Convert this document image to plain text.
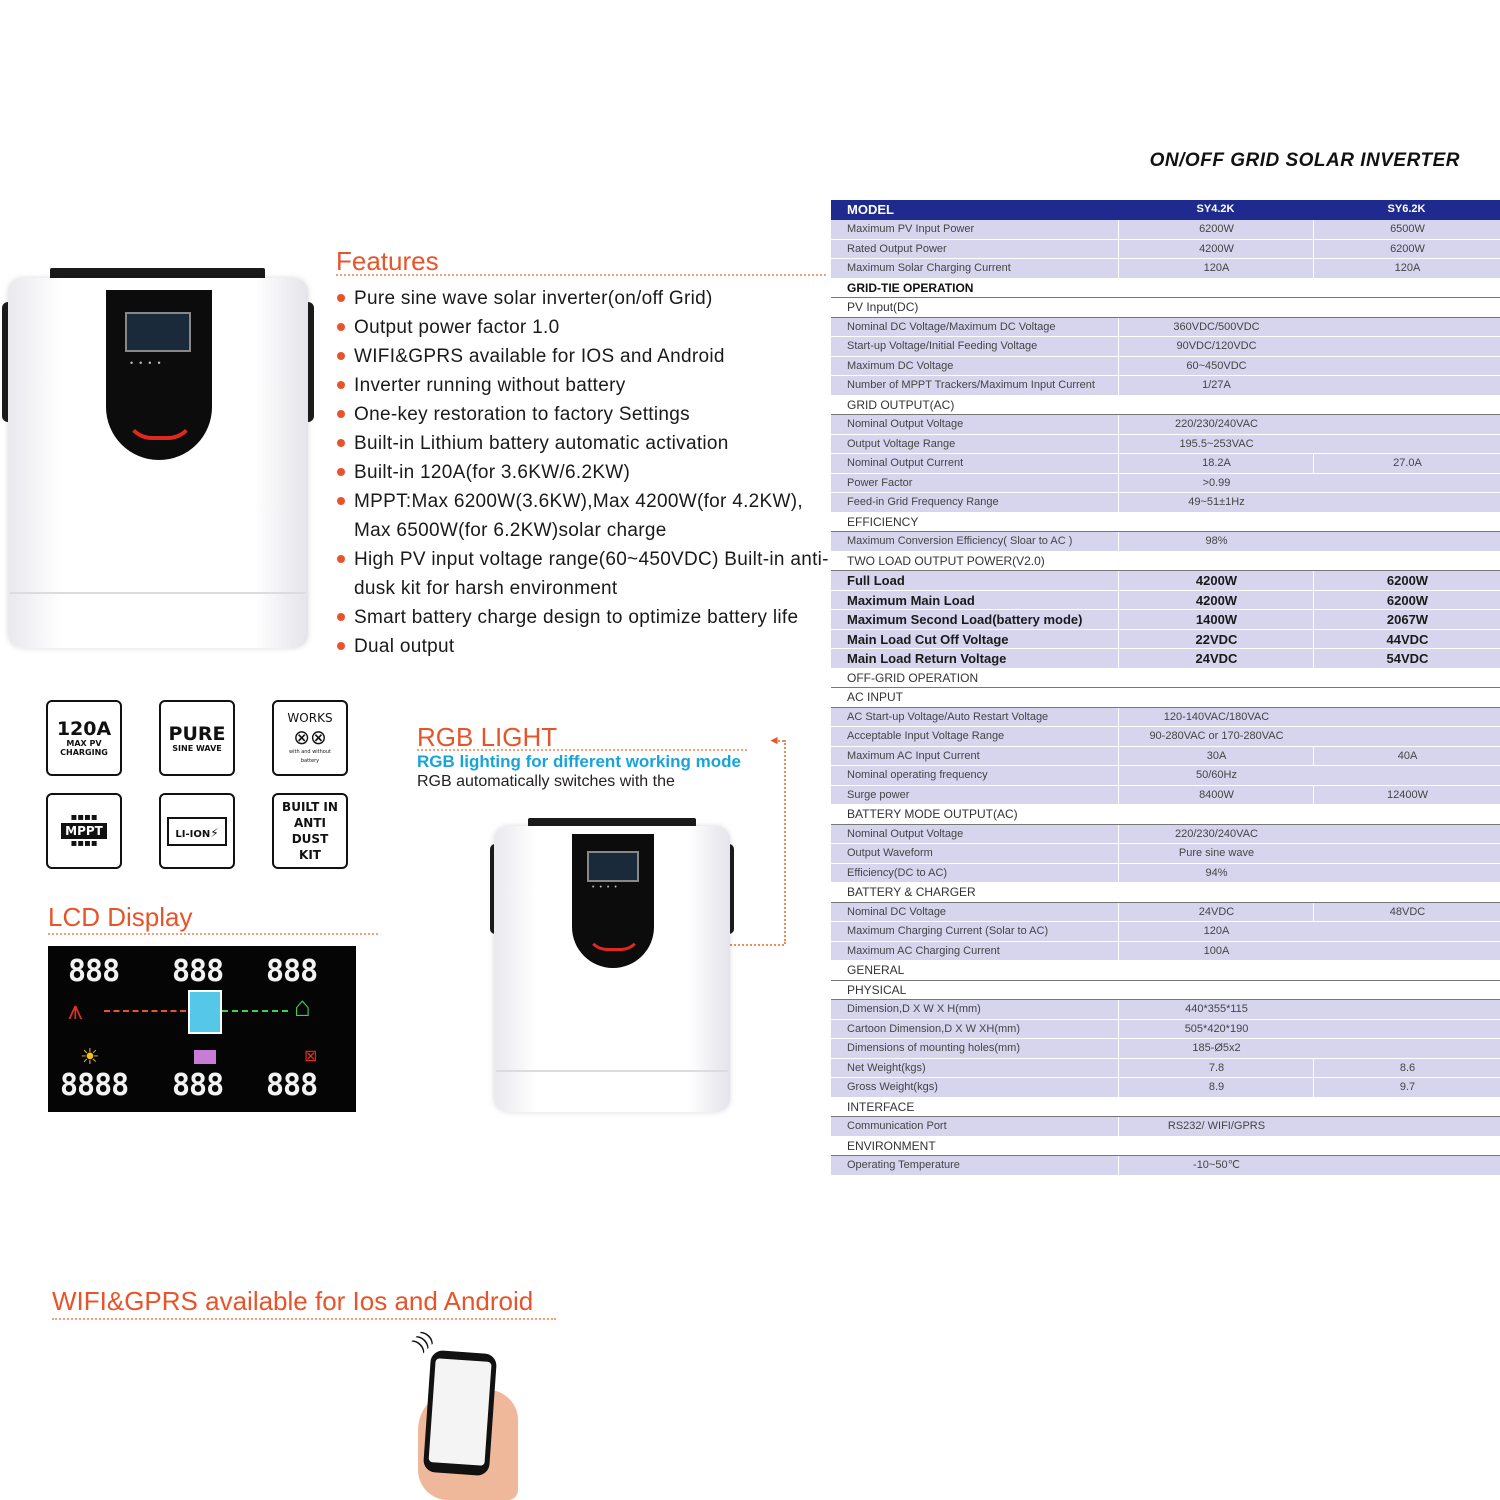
ON/OFF GRID SOLAR INVERTER
••••
Features
Pure sine wave solar inverter(on/off Grid)
Output power factor 1.0
WIFI&GPRS available for IOS and Android
Inverter running without battery
One-key restoration to factory Settings
Built-in Lithium battery automatic activation
Built-in 120A(for 3.6KW/6.2KW)
MPPT:Max 6200W(3.6KW),Max 4200W(for 4.2KW), Max 6500W(for 6.2KW)solar charge
High PV input voltage range(60~450VDC) Built-in anti-dusk kit for harsh environment
Smart battery charge design to optimize battery life
Dual output
120A
MAX PV CHARGING
PURE
SINE WAVE
WORKS
⊗⊗
with and without battery
▪▪▪▪
MPPT
▪▪▪▪
LI-ION⚡
BUILT IN ANTI DUST KIT
LCD Display
888 888 888
⩚	⌂
☀	⊠
8888 888 888
RGB LIGHT
RGB lighting for different working mode
RGB automatically switches with the
◄
••••
WIFI&GPRS available for Ios and Android
)))
MODEL	SY4.2K	SY6.2K
Maximum PV Input Power	6200W	6500W
Rated Output Power	4200W	6200W
Maximum Solar Charging Current	120A	120A
GRID-TIE OPERATION
PV Input(DC)
Nominal DC Voltage/Maximum DC Voltage	360VDC/500VDC
Start-up Voltage/Initial Feeding Voltage	90VDC/120VDC
Maximum DC Voltage	60~450VDC
Number of MPPT Trackers/Maximum Input Current	1/27A
GRID OUTPUT(AC)
Nominal Output Voltage	220/230/240VAC
Output Voltage Range	195.5~253VAC
Nominal Output Current	18.2A	27.0A
Power Factor	>0.99
Feed-in Grid Frequency Range	49~51±1Hz
EFFICIENCY
Maximum Conversion Efficiency( Sloar to AC )	98%
TWO LOAD OUTPUT POWER(V2.0)
Full Load	4200W	6200W
Maximum Main Load	4200W	6200W
Maximum Second Load(battery mode)	1400W	2067W
Main Load Cut Off Voltage	22VDC	44VDC
Main Load Return Voltage	24VDC	54VDC
OFF-GRID OPERATION
AC INPUT
AC Start-up Voltage/Auto Restart Voltage	120-140VAC/180VAC
Acceptable Input Voltage Range	90-280VAC or 170-280VAC
Maximum AC Input Current	30A	40A
Nominal operating frequency	50/60Hz
Surge power	8400W	12400W
BATTERY MODE OUTPUT(AC)
Nominal Output Voltage	220/230/240VAC
Output Waveform	Pure sine wave
Efficiency(DC to AC)	94%
BATTERY & CHARGER
Nominal DC Voltage	24VDC	48VDC
Maximum Charging Current (Solar to AC)	120A
Maximum AC Charging Current	100A
GENERAL
PHYSICAL
Dimension,D X W X H(mm)	440*355*115
Cartoon Dimension,D X W XH(mm)	505*420*190
Dimensions of mounting holes(mm)	185-Ø5x2
Net Weight(kgs)	7.8	8.6
Gross Weight(kgs)	8.9	9.7
INTERFACE
Communication Port	RS232/ WIFI/GPRS
ENVIRONMENT
Operating Temperature	-10~50℃
